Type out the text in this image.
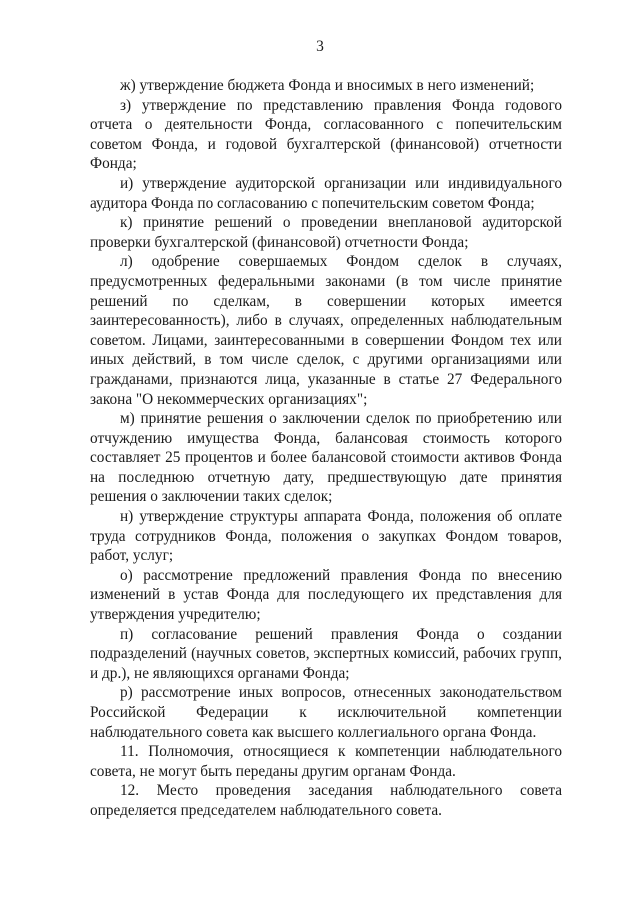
3

ж) утверждение бюджета Фонда и вносимых в него изменений;

з) утверждение по представлению правления Фонда годового отчета о деятельности Фонда, согласованного с попечительским советом Фонда, и годовой бухгалтерской (финансовой) отчетности Фонда;

и) утверждение аудиторской организации или индивидуального аудитора Фонда по согласованию с попечительским советом Фонда;

к) принятие решений о проведении внеплановой аудиторской проверки бухгалтерской (финансовой) отчетности Фонда;

л) одобрение совершаемых Фондом сделок в случаях, предусмотренных федеральными законами (в том числе принятие решений по сделкам, в совершении которых имеется заинтересованность), либо в случаях, определенных наблюдательным советом. Лицами, заинтересованными в совершении Фондом тех или иных действий, в том числе сделок, с другими организациями или гражданами, признаются лица, указанные в статье 27 Федерального закона "О некоммерческих организациях";

м) принятие решения о заключении сделок по приобретению или отчуждению имущества Фонда, балансовая стоимость которого составляет 25 процентов и более балансовой стоимости активов Фонда на последнюю отчетную дату, предшествующую дате принятия решения о заключении таких сделок;

н) утверждение структуры аппарата Фонда, положения об оплате труда сотрудников Фонда, положения о закупках Фондом товаров, работ, услуг;

о) рассмотрение предложений правления Фонда по внесению изменений в устав Фонда для последующего их представления для утверждения учредителю;

п) согласование решений правления Фонда о создании подразделений (научных советов, экспертных комиссий, рабочих групп, и др.), не являющихся органами Фонда;

р) рассмотрение иных вопросов, отнесенных законодательством Российской Федерации к исключительной компетенции наблюдательного совета как высшего коллегиального органа Фонда.

11. Полномочия, относящиеся к компетенции наблюдательного совета, не могут быть переданы другим органам Фонда.

12. Место проведения заседания наблюдательного совета определяется председателем наблюдательного совета.
